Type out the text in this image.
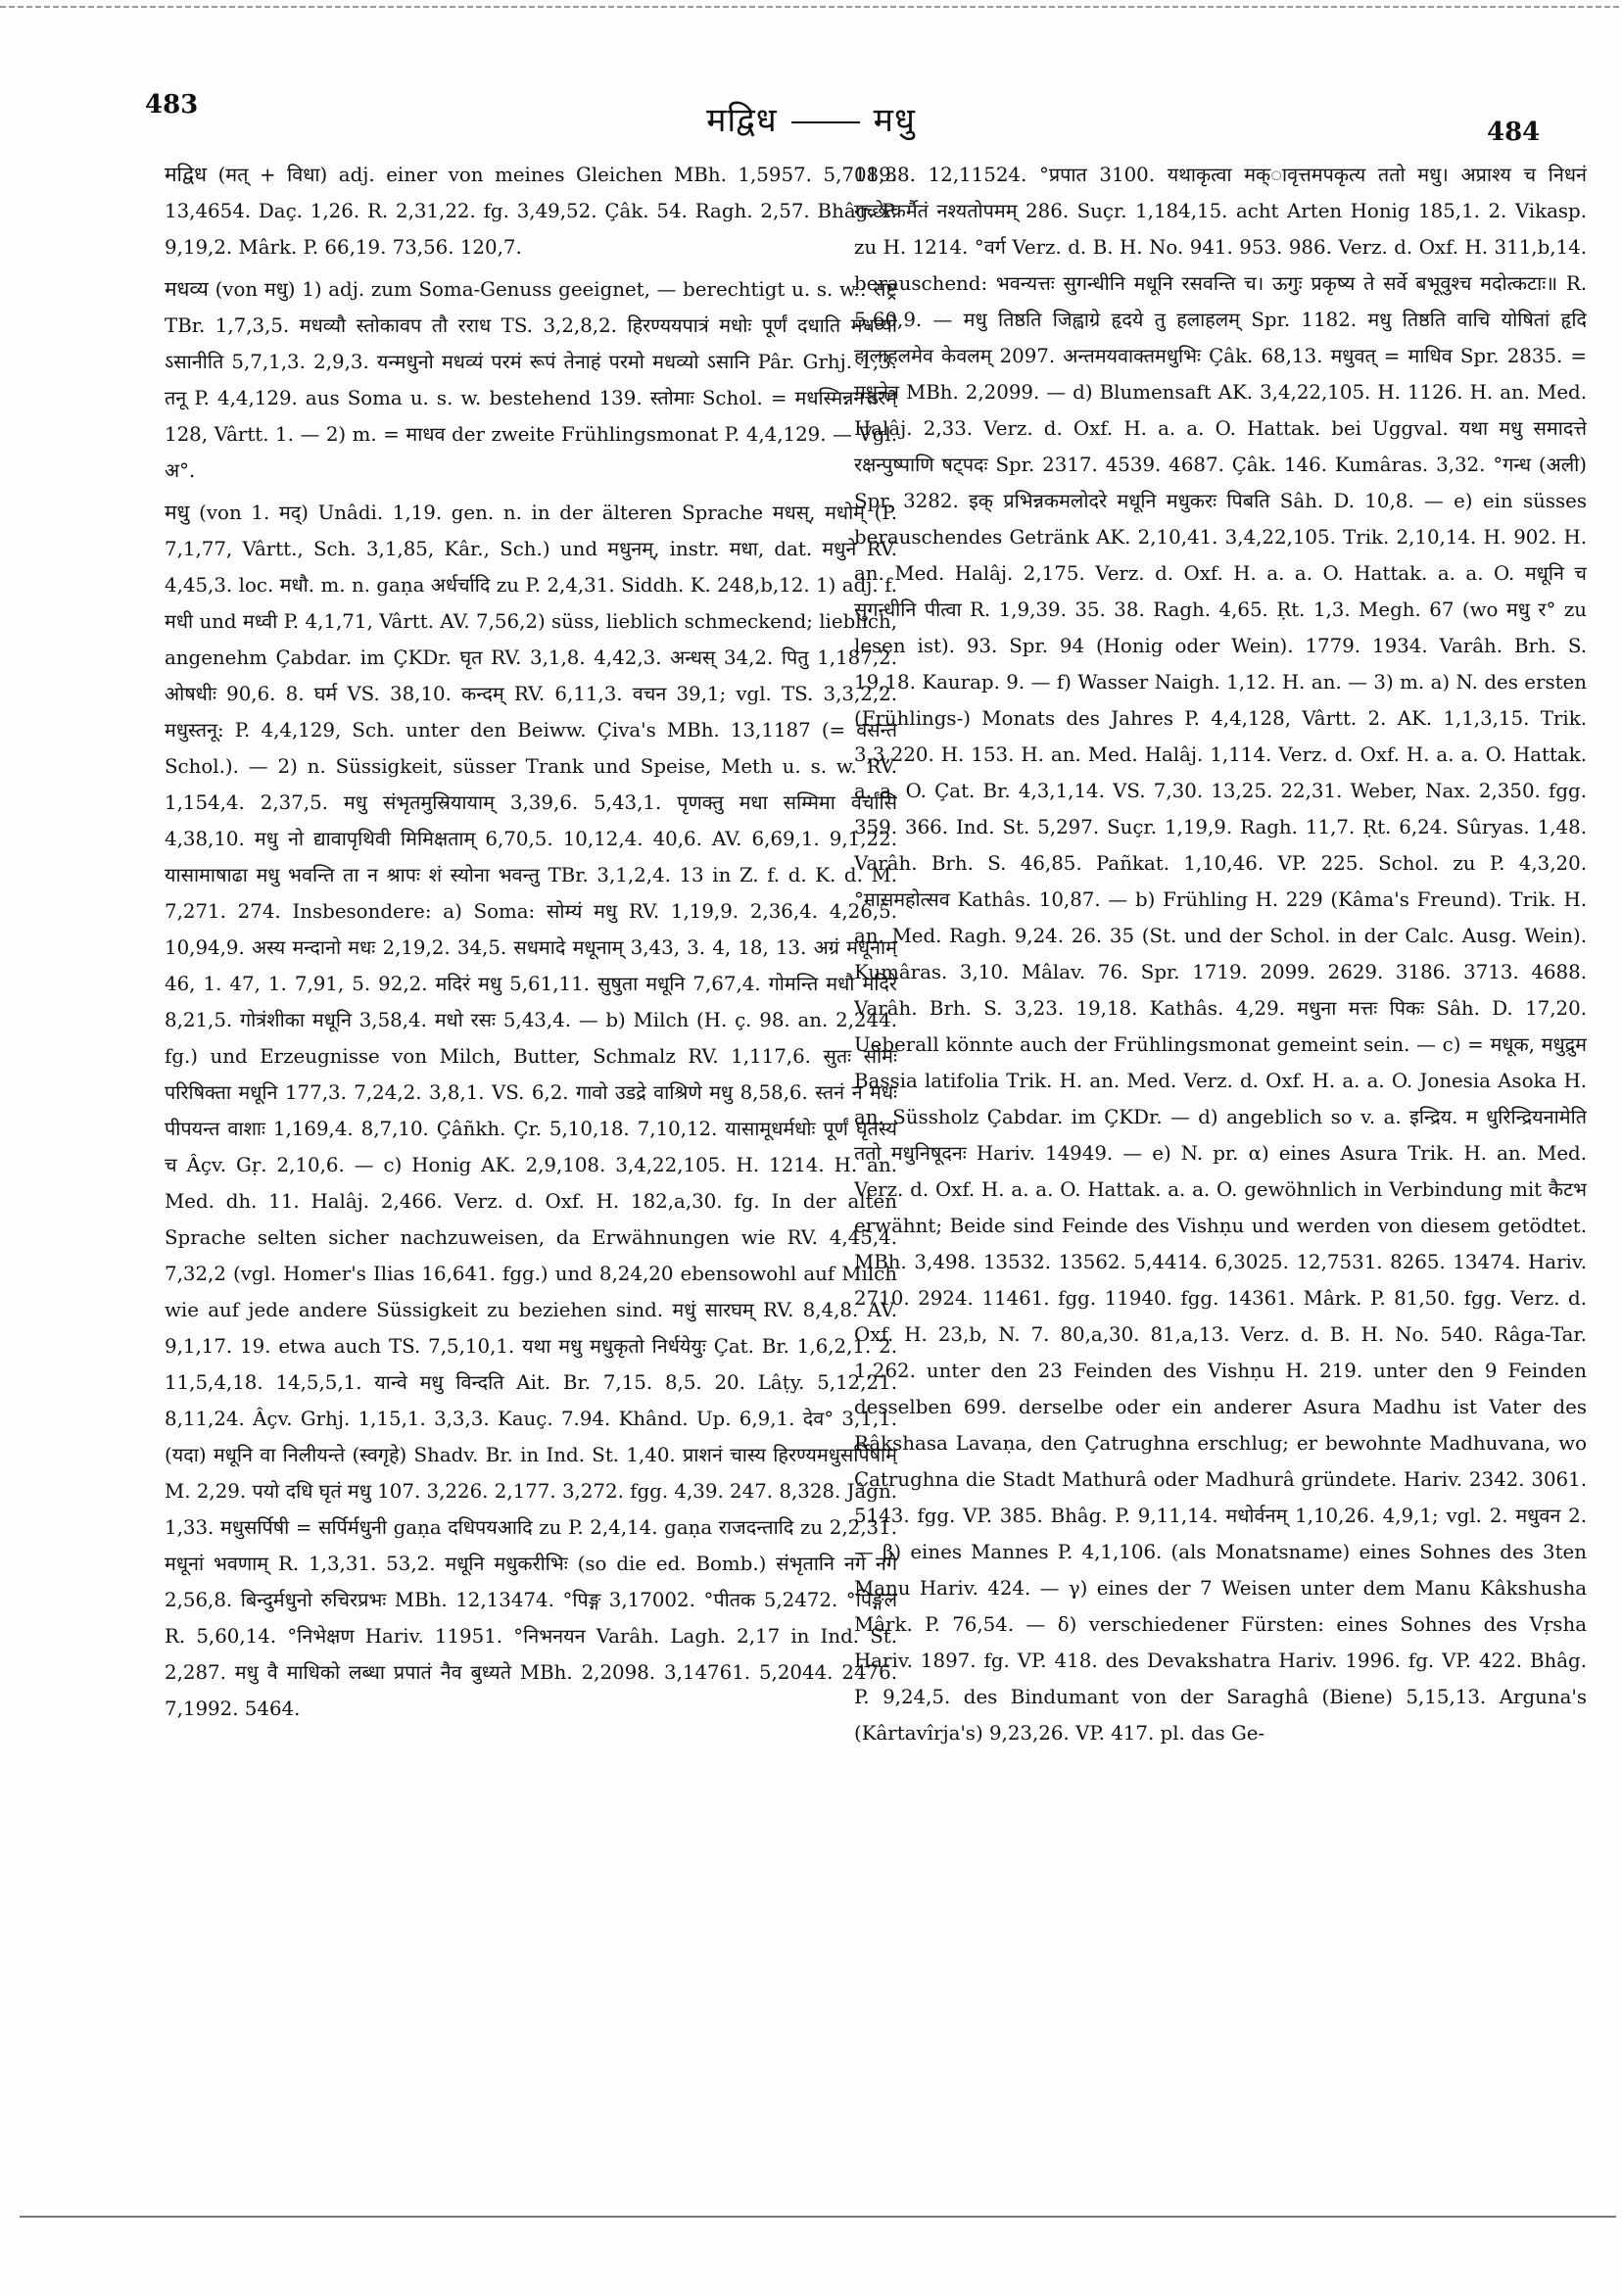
483	मद्विध	मधु	484

मद्विध (मत् + विधा) adj. einer von meines Gleichen MBh. 1,5957. 5,7089. 13,4654. Daç. 1,26. R. 2,31,22. fg. 3,49,52. Çâk. 54. Ragh. 2,57. Bhâg. P. 9,19,2. Mârk. P. 66,19. 73,56. 120,7.

मधव्य (von मधु) 1) adj. zum Soma-Genuss geeignet, — berechtigt u. s. w.: राष्ट्र TBr. 1,7,3,5. मधव्यौ स्तोकावप तौ रराध TS. 3,2,8,2. हिरण्ययपात्रं मधोः पूर्णं दधाति मधव्यो ऽसानीति 5,7,1,3. 2,9,3. यन्मधुनो मधव्यं परमं रूपं तेनाहं परमो मधव्यो ऽसानि Pâr. Grhj. 1,3. तनू P. 4,4,129. aus Soma u. s. w. bestehend 139. स्तोमाः Schol. = मधस्मिन्ननत्तरम् 128, Vârtt. 1. — 2) m. = माधव der zweite Frühlingsmonat P. 4,4,129. — Vgl. अ°.

मधु (von 1. मद्) Unâdi. 1,19. gen. n. in der älteren Sprache मधस्, मधोम् (P. 7,1,77, Vârtt., Sch. 3,1,85, Kâr., Sch.) und मधुनम्, instr. मधा, dat. मधुने RV. 4,45,3. loc. मधौ. m. n. gaṇa अर्धर्चादि zu P. 2,4,31. Siddh. K. 248,b,12. 1) adj. f. मधी und मध्वी P. 4,1,71, Vârtt. AV. 7,56,2) süss, lieblich schmeckend; lieblich, angenehm Çabdar. im ÇKDr. घृत RV. 3,1,8. 4,42,3. अन्धस् 34,2. पितु 1,187,2. ओषधीः 90,6. 8. घर्म VS. 38,10. कन्दम् RV. 6,11,3. वचन 39,1; vgl. TS. 3,3,2,2. मधुस्तनू: P. 4,4,129, Sch. unter den Beiww. Çiva's MBh. 13,1187 (= वसन्त Schol.). — 2) n. Süssigkeit, süsser Trank und Speise, Meth u. s. w. RV. 1,154,4. 2,37,5. मधु संभृतमुस्रियायाम् 3,39,6. 5,43,1. पृणक्तु मधा सम्मिमा वर्चांसि 4,38,10. मधु नो द्यावापृथिवी मिमिक्षताम् 6,70,5. 10,12,4. 40,6. AV. 6,69,1. 9,1,22. यासामाषाढा मधु भवन्ति ता न श्रापः शं स्योना भवन्तु TBr. 3,1,2,4. 13 in Z. f. d. K. d. M. 7,271. 274. Insbesondere: a) Soma: सोम्यं मधु RV. 1,19,9. 2,36,4. 4,26,5. 10,94,9. अस्य मन्दानो मधः 2,19,2. 34,5. सधमादे मधूनाम् 3,43, 3. 4, 18, 13. अग्रं मधूनाम् 46, 1. 47, 1. 7,91, 5. 92,2. मदिरं मधु 5,61,11. सुषुता मधूनि 7,67,4. गोमन्ति मधौ मदिरे 8,21,5. गोत्रंशीका मधूनि 3,58,4. मधो रसः 5,43,4. — b) Milch (H. ç. 98. an. 2,244. fg.) und Erzeugnisse von Milch, Butter, Schmalz RV. 1,117,6. सुतः सोमः परिषिक्ता मधूनि 177,3. 7,24,2. 3,8,1. VS. 6,2. गावो उडद्रे वाश्रिणे मधु 8,58,6. स्तनं न मधः पीपयन्त वाशाः 1,169,4. 8,7,10. Çâñkh. Çr. 5,10,18. 7,10,12. यासामूधर्मधोः पूर्णं घृतस्य च Âçv. Gṛ. 2,10,6. — c) Honig AK. 2,9,108. 3,4,22,105. H. 1214. H. an. Med. dh. 11. Halâj. 2,466. Verz. d. Oxf. H. 182,a,30. fg. In der alten Sprache selten sicher nachzuweisen, da Erwähnungen wie RV. 4,45,4. 7,32,2 (vgl. Homer's Ilias 16,641. fgg.) und 8,24,20 ebensowohl auf Milch wie auf jede andere Süssigkeit zu beziehen sind. मधुं सारघम् RV. 8,4,8. AV. 9,1,17. 19. etwa auch TS. 7,5,10,1. यथा मधु मधुकृतो निर्धयेयुः Çat. Br. 1,6,2,1. 2. 11,5,4,18. 14,5,5,1. यान्वे मधु विन्दति Ait. Br. 7,15. 8,5. 20. Lâṭy. 5,12,21. 8,11,24. Âçv. Grhj. 1,15,1. 3,3,3. Kauç. 7.94. Khând. Up. 6,9,1. देव° 3,1,1. (यदा) मधूनि वा निलीयन्ते (स्वगृहे) Shadv. Br. in Ind. St. 1,40. प्राशनं चास्य हिरण्यमधुसर्पिषाम् M. 2,29. पयो दधि घृतं मधु 107. 3,226. 2,177. 3,272. fgg. 4,39. 247. 8,328. Jâgn. 1,33. मधुसर्पिषी = सर्पिर्मधुनी gaṇa दधिपयआदि zu P. 2,4,14. gaṇa राजदन्तादि zu 2,2,31. मधूनां भवणाम् R. 1,3,31. 53,2. मधूनि मधुकरीभिः (so die ed. Bomb.) संभृतानि नगे नगे 2,56,8. बिन्दुर्मधुनो रुचिरप्रभः MBh. 12,13474. °पिङ्ग 3,17002. °पीतक 5,2472. °पिङ्गल R. 5,60,14. °निभेक्षण Hariv. 11951. °निभनयन Varâh. Lagh. 2,17 in Ind. St. 2,287. मधु वै माधिको लब्धा प्रपातं नैव बुध्यते MBh. 2,2098. 3,14761. 5,2044. 2476. 7,1992. 5464.

11,38. 12,11524. °प्रपात 3100. यथाकृत्वा मक्ावृत्तमपकृत्य ततो मधु। अप्राश्य च निधनं गच्छेत्कर्मैतं नश्यतोपमम् 286. Suçr. 1,184,15. acht Arten Honig 185,1. 2. Vikasp. zu H. 1214. °वर्ग Verz. d. B. H. No. 941. 953. 986. Verz. d. Oxf. H. 311,b,14. berauschend: भवन्यत्तः सुगन्धीनि मधूनि रसवन्ति च। ऊगुः प्रकृष्य ते सर्वे बभूवुश्च मदोत्कटाः॥ R. 5,60,9. — मधु तिष्ठति जिह्वाग्रे हृदये तु हलाहलम् Spr. 1182. मधु तिष्ठति वाचि योषितां हृदि हालाहलमेव केवलम् 2097. अन्तमयवाक्तमधुभिः Çâk. 68,13. मधुवत् = माधिव Spr. 2835. = मधुनेत्र MBh. 2,2099. — d) Blumensaft AK. 3,4,22,105. H. 1126. H. an. Med. Halâj. 2,33. Verz. d. Oxf. H. a. a. O. Hattak. bei Uggval. यथा मधु समादत्ते रक्षन्पुष्पाणि षट्पदः Spr. 2317. 4539. 4687. Çâk. 146. Kumâras. 3,32. °गन्ध (अली) Spr. 3282. इक् प्रभिन्नकमलोदरे मधूनि मधुकरः पिबति Sâh. D. 10,8. — e) ein süsses berauschendes Getränk AK. 2,10,41. 3,4,22,105. Trik. 2,10,14. H. 902. H. an. Med. Halâj. 2,175. Verz. d. Oxf. H. a. a. O. Hattak. a. a. O. मधूनि च सुगन्धीनि पीत्वा R. 1,9,39. 35. 38. Ragh. 4,65. Ṛt. 1,3. Megh. 67 (wo मधु र° zu lesen ist). 93. Spr. 94 (Honig oder Wein). 1779. 1934. Varâh. Brh. S. 19,18. Kaurap. 9. — f) Wasser Naigh. 1,12. H. an. — 3) m. a) N. des ersten (Frühlings-) Monats des Jahres P. 4,4,128, Vârtt. 2. AK. 1,1,3,15. Trik. 3,3,220. H. 153. H. an. Med. Halâj. 1,114. Verz. d. Oxf. H. a. a. O. Hattak. a. a. O. Çat. Br. 4,3,1,14. VS. 7,30. 13,25. 22,31. Weber, Nax. 2,350. fgg. 359. 366. Ind. St. 5,297. Suçr. 1,19,9. Ragh. 11,7. Ṛt. 6,24. Sûryas. 1,48. Varâh. Brh. S. 46,85. Pañkat. 1,10,46. VP. 225. Schol. zu P. 4,3,20. °मासमहोत्सव Kathâs. 10,87. — b) Frühling H. 229 (Kâma's Freund). Trik. H. an. Med. Ragh. 9,24. 26. 35 (St. und der Schol. in der Calc. Ausg. Wein). Kumâras. 3,10. Mâlav. 76. Spr. 1719. 2099. 2629. 3186. 3713. 4688. Varâh. Brh. S. 3,23. 19,18. Kathâs. 4,29. मधुना मत्तः पिकः Sâh. D. 17,20. Ueberall könnte auch der Frühlingsmonat gemeint sein. — c) = मधूक, मधुद्रुम Bassia latifolia Trik. H. an. Med. Verz. d. Oxf. H. a. a. O. Jonesia Asoka H. an. Süssholz Çabdar. im ÇKDr. — d) angeblich so v. a. इन्द्रिय. म धुरिन्द्रियनामेति ततो मधुनिषूदनः Hariv. 14949. — e) N. pr. α) eines Asura Trik. H. an. Med. Verz. d. Oxf. H. a. a. O. Hattak. a. a. O. gewöhnlich in Verbindung mit कैटभ erwähnt; Beide sind Feinde des Vishṇu und werden von diesem getödtet. MBh. 3,498. 13532. 13562. 5,4414. 6,3025. 12,7531. 8265. 13474. Hariv. 2710. 2924. 11461. fgg. 11940. fgg. 14361. Mârk. P. 81,50. fgg. Verz. d. Oxf. H. 23,b, N. 7. 80,a,30. 81,a,13. Verz. d. B. H. No. 540. Râga-Tar. 1,262. unter den 23 Feinden des Vishṇu H. 219. unter den 9 Feinden desselben 699. derselbe oder ein anderer Asura Madhu ist Vater des Râkshasa Lavaṇa, den Çatrughna erschlug; er bewohnte Madhuvana, wo Çatrughna die Stadt Mathurâ oder Madhurâ gründete. Hariv. 2342. 3061. 5143. fgg. VP. 385. Bhâg. P. 9,11,14. मधोर्वनम् 1,10,26. 4,9,1; vgl. 2. मधुवन 2. — β) eines Mannes P. 4,1,106. (als Monatsname) eines Sohnes des 3ten Manu Hariv. 424. — γ) eines der 7 Weisen unter dem Manu Kâkshusha Mârk. P. 76,54. — δ) verschiedener Fürsten: eines Sohnes des Vṛsha Hariv. 1897. fg. VP. 418. des Devakshatra Hariv. 1996. fg. VP. 422. Bhâg. P. 9,24,5. des Bindumant von der Saraghâ (Biene) 5,15,13. Arguna's (Kârtavîrja's) 9,23,26. VP. 417. pl. das Ge-
